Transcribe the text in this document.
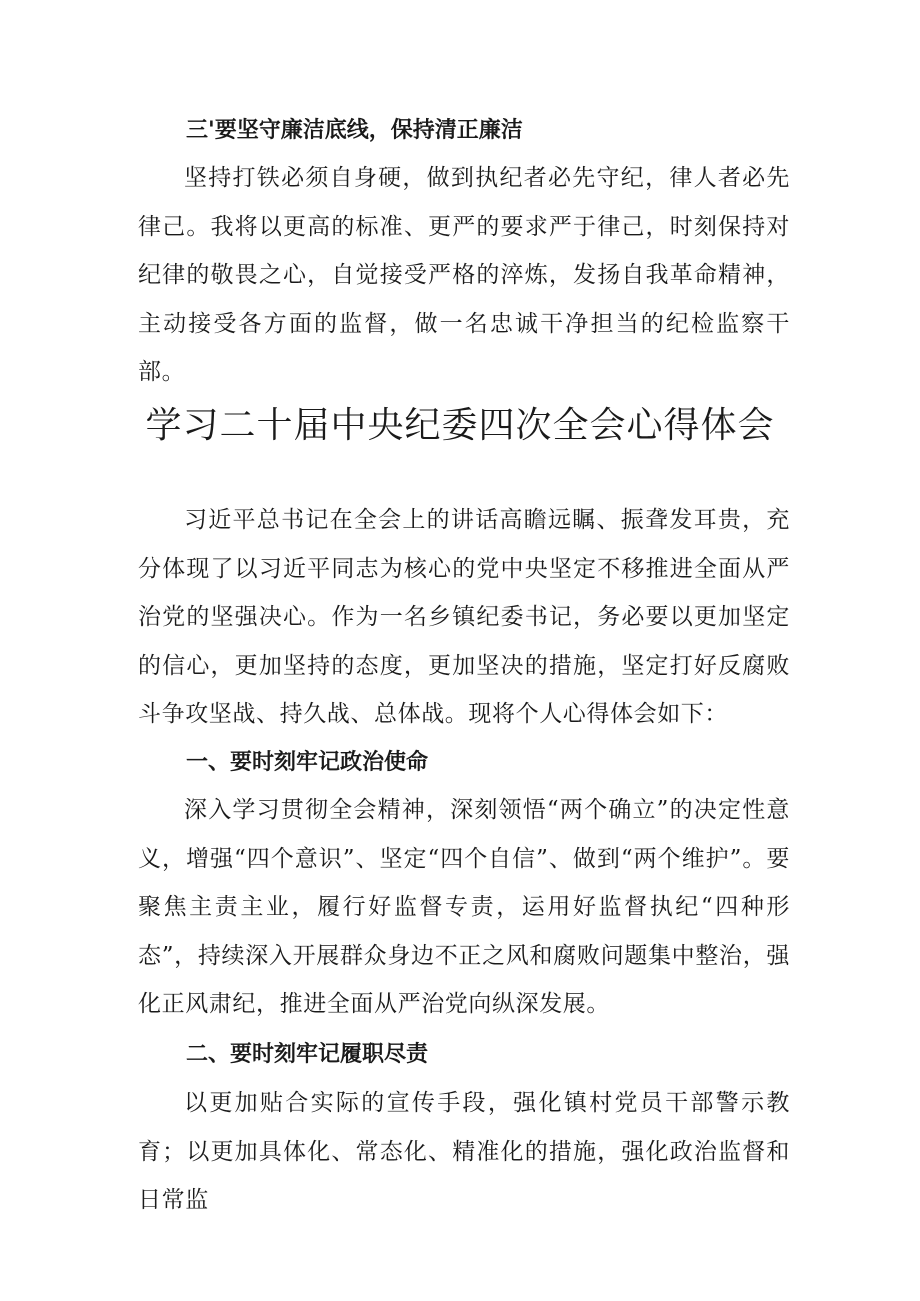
三'要坚守廉洁底线，保持清正廉洁

坚持打铁必须自身硬，做到执纪者必先守纪，律人者必先律己。我将以更高的标准、更严的要求严于律己，时刻保持对纪律的敬畏之心，自觉接受严格的淬炼，发扬自我革命精神，主动接受各方面的监督，做一名忠诚干净担当的纪检监察干部。

学习二十届中央纪委四次全会心得体会

习近平总书记在全会上的讲话高瞻远瞩、振聋发耳贵，充分体现了以习近平同志为核心的党中央坚定不移推进全面从严治党的坚强决心。作为一名乡镇纪委书记，务必要以更加坚定的信心，更加坚持的态度，更加坚决的措施，坚定打好反腐败斗争攻坚战、持久战、总体战。现将个人心得体会如下：

一、要时刻牢记政治使命

深入学习贯彻全会精神，深刻领悟“两个确立”的决定性意义，增强“四个意识”、坚定“四个自信”、做到“两个维护”。要聚焦主责主业，履行好监督专责，运用好监督执纪“四种形态”，持续深入开展群众身边不正之风和腐败问题集中整治，强化正风肃纪，推进全面从严治党向纵深发展。

二、要时刻牢记履职尽责

以更加贴合实际的宣传手段，强化镇村党员干部警示教育；以更加具体化、常态化、精准化的措施，强化政治监督和日常监
